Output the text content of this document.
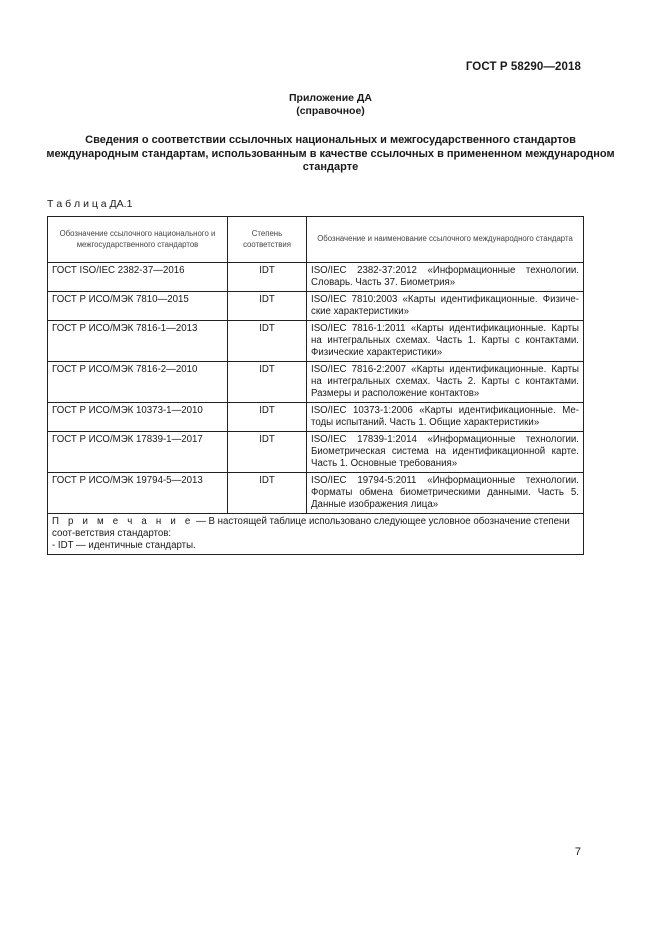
ГОСТ Р 58290—2018
Приложение ДА
(справочное)
Сведения о соответствии ссылочных национальных и межгосударственного стандартов международным стандартам, использованным в качестве ссылочных в примененном международном стандарте
Т а б л и ц а ДА.1
Обозначение ссылочного национального и межгосударственного стандартов	Степень соответствия	Обозначение и наименование ссылочного международного стандарта
ГОСТ ISO/IEC 2382-37—2016	IDT	ISO/IEC 2382-37:2012 «Информационные технологии. Словарь. Часть 37. Биометрия»
ГОСТ Р ИСО/МЭК 7810—2015	IDT	ISO/IEC 7810:2003 «Карты идентификационные. Физиче-ские характеристики»
ГОСТ Р ИСО/МЭК 7816-1—2013	IDT	ISO/IEC 7816-1:2011 «Карты идентификационные. Карты на интегральных схемах. Часть 1. Карты с контактами. Физические характеристики»
ГОСТ Р ИСО/МЭК 7816-2—2010	IDT	ISO/IEC 7816-2:2007 «Карты идентификационные. Карты на интегральных схемах. Часть 2. Карты с контактами. Размеры и расположение контактов»
ГОСТ Р ИСО/МЭК 10373-1—2010	IDT	ISO/IEC 10373-1:2006 «Карты идентификационные. Ме-тоды испытаний. Часть 1. Общие характеристики»
ГОСТ Р ИСО/МЭК 17839-1—2017	IDT	ISO/IEC 17839-1:2014 «Информационные технологии. Биометрическая система на идентификационной карте. Часть 1. Основные требования»
ГОСТ Р ИСО/МЭК 19794-5—2013	IDT	ISO/IEC 19794-5:2011 «Информационные технологии. Форматы обмена биометрическими данными. Часть 5. Данные изображения лица»
П р и м е ч а н и е — В настоящей таблице использовано следующее условное обозначение степени соот-ветствия стандартов:
- IDT — идентичные стандарты.		
7
